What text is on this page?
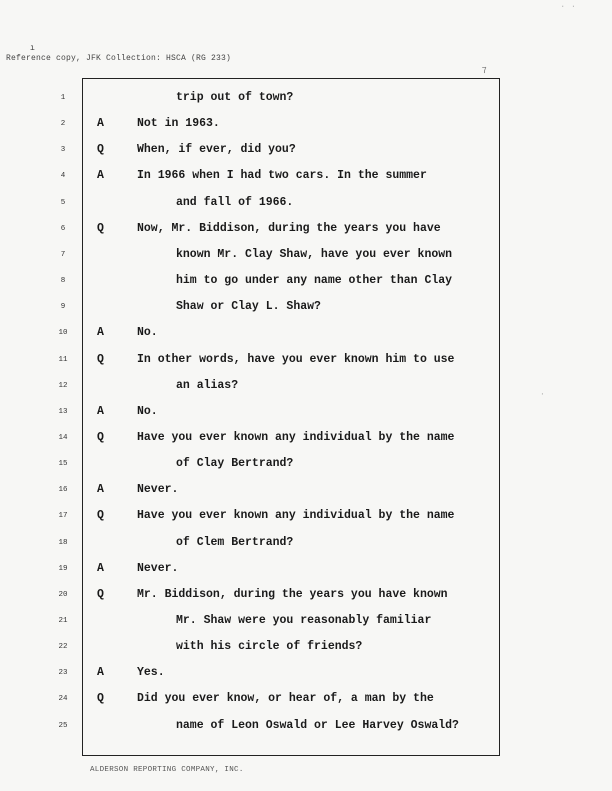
· ·
ı
Reference copy, JFK Collection: HSCA (RG 233)
7
1	trip out of town?
2	A	Not in 1963.
3	Q	When, if ever, did you?
4	A	In 1966 when I had two cars. In the summer
5	and fall of 1966.
6	Q	Now, Mr. Biddison, during the years you have
7	known Mr. Clay Shaw, have you ever known
8	him to go under any name other than Clay
9	Shaw or Clay L. Shaw?
10	A	No.
11	Q	In other words, have you ever known him to use
12	an alias?
13	A	No.
14	Q	Have you ever known any individual by the name
15	of Clay Bertrand?
16	A	Never.
17	Q	Have you ever known any individual by the name
18	of Clem Bertrand?
19	A	Never.
20	Q	Mr. Biddison, during the years you have known
21	Mr. Shaw were you reasonably familiar
22	with his circle of friends?
23	A	Yes.
24	Q	Did you ever know, or hear of, a man by the
25	name of Leon Oswald or Lee Harvey Oswald?
·
ALDERSON REPORTING COMPANY, INC.
